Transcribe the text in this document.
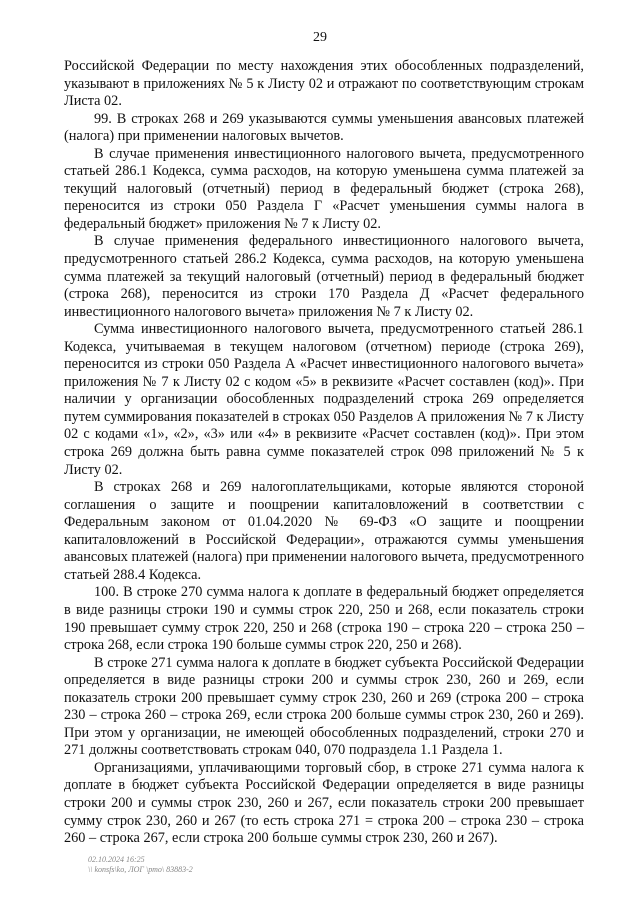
29

Российской Федерации по месту нахождения этих обособленных подразделений, указывают в приложениях № 5 к Листу 02 и отражают по соответствующим строкам Листа 02.

99. В строках 268 и 269 указываются суммы уменьшения авансовых платежей (налога) при применении налоговых вычетов.

В случае применения инвестиционного налогового вычета, предусмотренного статьей 286.1 Кодекса, сумма расходов, на которую уменьшена сумма платежей за текущий налоговый (отчетный) период в федеральный бюджет (строка 268), переносится из строки 050 Раздела Г «Расчет уменьшения суммы налога в федеральный бюджет» приложения № 7 к Листу 02.

В случае применения федерального инвестиционного налогового вычета, предусмотренного статьей 286.2 Кодекса, сумма расходов, на которую уменьшена сумма платежей за текущий налоговый (отчетный) период в федеральный бюджет (строка 268), переносится из строки 170 Раздела Д «Расчет федерального инвестиционного налогового вычета» приложения № 7 к Листу 02.

Сумма инвестиционного налогового вычета, предусмотренного статьей 286.1 Кодекса, учитываемая в текущем налоговом (отчетном) периоде (строка 269), переносится из строки 050 Раздела А «Расчет инвестиционного налогового вычета» приложения № 7 к Листу 02 с кодом «5» в реквизите «Расчет составлен (код)». При наличии у организации обособленных подразделений строка 269 определяется путем суммирования показателей в строках 050 Разделов А приложения № 7 к Листу 02 с кодами «1», «2», «3» или «4» в реквизите «Расчет составлен (код)». При этом строка 269 должна быть равна сумме показателей строк 098 приложений № 5 к Листу 02.

В строках 268 и 269 налогоплательщиками, которые являются стороной соглашения о защите и поощрении капиталовложений в соответствии с Федеральным законом от 01.04.2020 № 69-ФЗ «О защите и поощрении капиталовложений в Российской Федерации», отражаются суммы уменьшения авансовых платежей (налога) при применении налогового вычета, предусмотренного статьей 288.4 Кодекса.

100. В строке 270 сумма налога к доплате в федеральный бюджет определяется в виде разницы строки 190 и суммы строк 220, 250 и 268, если показатель строки 190 превышает сумму строк 220, 250 и 268 (строка 190 – строка 220 – строка 250 – строка 268, если строка 190 больше суммы строк 220, 250 и 268).

В строке 271 сумма налога к доплате в бюджет субъекта Российской Федерации определяется в виде разницы строки 200 и суммы строк 230, 260 и 269, если показатель строки 200 превышает сумму строк 230, 260 и 269 (строка 200 – строка 230 – строка 260 – строка 269, если строка 200 больше суммы строк 230, 260 и 269). При этом у организации, не имеющей обособленных подразделений, строки 270 и 271 должны соответствовать строкам 040, 070 подраздела 1.1 Раздела 1.

Организациями, уплачивающими торговый сбор, в строке 271 сумма налога к доплате в бюджет субъекта Российской Федерации определяется в виде разницы строки 200 и суммы строк 230, 260 и 267, если показатель строки 200 превышает сумму строк 230, 260 и 267 (то есть строка 271 = строка 200 – строка 230 – строка 260 – строка 267, если строка 200 больше суммы строк 230, 260 и 267).

02.10.2024 16:25
\\ konsfs\ko, ЛОГ \ртo\ 83883-2
